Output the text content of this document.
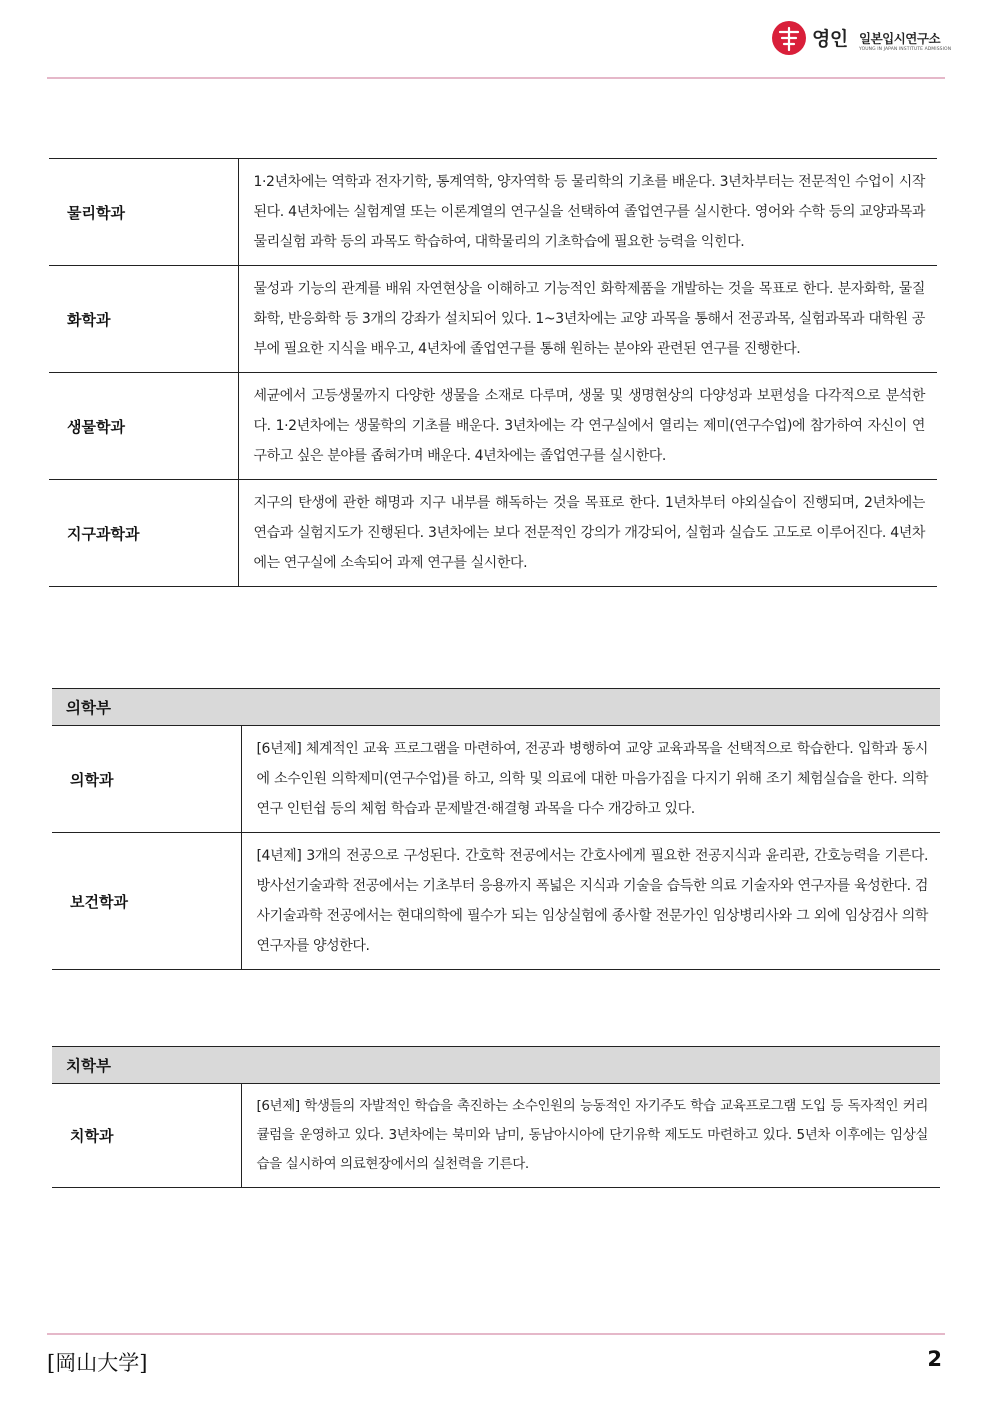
영인 일본입시연구소
YOUNG IN JAPAN INSTITUTE ADMISSION
물리학과	1·2년차에는 역학과 전자기학, 통계역학, 양자역학 등 물리학의 기초를 배운다. 3년차부터는 전문적인 수업이 시작된다. 4년차에는 실험계열 또는 이론계열의 연구실을 선택하여 졸업연구를 실시한다. 영어와 수학 등의 교양과목과 물리실험 과학 등의 과목도 학습하여, 대학물리의 기초학습에 필요한 능력을 익힌다.
화학과	물성과 기능의 관계를 배워 자연현상을 이해하고 기능적인 화학제품을 개발하는 것을 목표로 한다. 분자화학, 물질화학, 반응화학 등 3개의 강좌가 설치되어 있다. 1~3년차에는 교양 과목을 통해서 전공과목, 실험과목과 대학원 공부에 필요한 지식을 배우고, 4년차에 졸업연구를 통해 원하는 분야와 관련된 연구를 진행한다.
생물학과	세균에서 고등생물까지 다양한 생물을 소재로 다루며, 생물 및 생명현상의 다양성과 보편성을 다각적으로 분석한다. 1·2년차에는 생물학의 기초를 배운다. 3년차에는 각 연구실에서 열리는 제미(연구수업)에 참가하여 자신이 연구하고 싶은 분야를 좁혀가며 배운다. 4년차에는 졸업연구를 실시한다.
지구과학과	지구의 탄생에 관한 해명과 지구 내부를 해독하는 것을 목표로 한다. 1년차부터 야외실습이 진행되며, 2년차에는 연습과 실험지도가 진행된다. 3년차에는 보다 전문적인 강의가 개강되어, 실험과 실습도 고도로 이루어진다. 4년차에는 연구실에 소속되어 과제 연구를 실시한다.
의학부	
의학과	[6년제] 체계적인 교육 프로그램을 마련하여, 전공과 병행하여 교양 교육과목을 선택적으로 학습한다. 입학과 동시에 소수인원 의학제미(연구수업)를 하고, 의학 및 의료에 대한 마음가짐을 다지기 위해 조기 체험실습을 한다. 의학연구 인턴쉽 등의 체험 학습과 문제발견·해결형 과목을 다수 개강하고 있다.
보건학과	[4년제] 3개의 전공으로 구성된다. 간호학 전공에서는 간호사에게 필요한 전공지식과 윤리관, 간호능력을 기른다. 방사선기술과학 전공에서는 기초부터 응용까지 폭넓은 지식과 기술을 습득한 의료 기술자와 연구자를 육성한다. 검사기술과학 전공에서는 현대의학에 필수가 되는 임상실험에 종사할 전문가인 임상병리사와 그 외에 임상검사 의학연구자를 양성한다.
치학부
치학과	[6년제] 학생들의 자발적인 학습을 촉진하는 소수인원의 능동적인 자기주도 학습 교육프로그램 도입 등 독자적인 커리큘럼을 운영하고 있다. 3년차에는 북미와 남미, 동남아시아에 단기유학 제도도 마련하고 있다. 5년차 이후에는 임상실습을 실시하여 의료현장에서의 실천력을 기른다.
[岡山大学]	2
